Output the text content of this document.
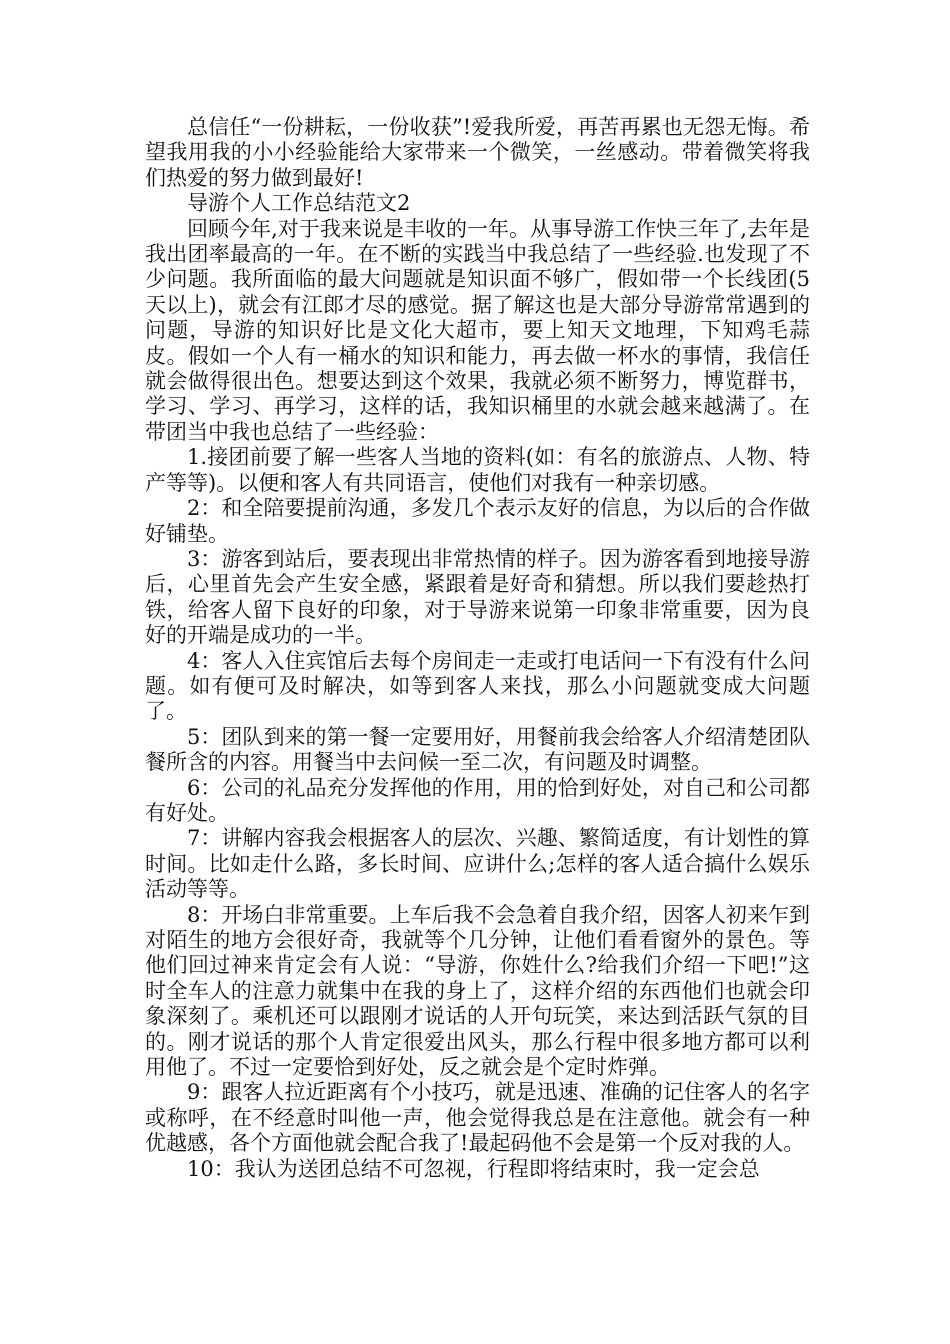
总信任“一份耕耘，一份收获”!爱我所爱，再苦再累也无怨无悔。希望我用我的小小经验能给大家带来一个微笑，一丝感动。带着微笑将我们热爱的努力做到最好!

导游个人工作总结范文2

回顾今年,对于我来说是丰收的一年。从事导游工作快三年了,去年是我出团率最高的一年。在不断的实践当中我总结了一些经验.也发现了不少问题。我所面临的最大问题就是知识面不够广，假如带一个长线团(5天以上)，就会有江郎才尽的感觉。据了解这也是大部分导游常常遇到的问题，导游的知识好比是文化大超市，要上知天文地理，下知鸡毛蒜皮。假如一个人有一桶水的知识和能力，再去做一杯水的事情，我信任就会做得很出色。想要达到这个效果，我就必须不断努力，博览群书，学习、学习、再学习，这样的话，我知识桶里的水就会越来越满了。在带团当中我也总结了一些经验：

1.接团前要了解一些客人当地的资料(如：有名的旅游点、人物、特产等等)。以便和客人有共同语言，使他们对我有一种亲切感。

2：和全陪要提前沟通，多发几个表示友好的信息，为以后的合作做好铺垫。

3：游客到站后，要表现出非常热情的样子。因为游客看到地接导游后，心里首先会产生安全感，紧跟着是好奇和猜想。所以我们要趁热打铁，给客人留下良好的印象，对于导游来说第一印象非常重要，因为良好的开端是成功的一半。

4：客人入住宾馆后去每个房间走一走或打电话问一下有没有什么问题。如有便可及时解决，如等到客人来找，那么小问题就变成大问题了。

5：团队到来的第一餐一定要用好，用餐前我会给客人介绍清楚团队餐所含的内容。用餐当中去问候一至二次，有问题及时调整。

6：公司的礼品充分发挥他的作用，用的恰到好处，对自己和公司都有好处。

7：讲解内容我会根据客人的层次、兴趣、繁简适度，有计划性的算时间。比如走什么路，多长时间、应讲什么;怎样的客人适合搞什么娱乐活动等等。

8：开场白非常重要。上车后我不会急着自我介绍，因客人初来乍到对陌生的地方会很好奇，我就等个几分钟，让他们看看窗外的景色。等他们回过神来肯定会有人说：“导游，你姓什么?给我们介绍一下吧!”这时全车人的注意力就集中在我的身上了，这样介绍的东西他们也就会印象深刻了。乘机还可以跟刚才说话的人开句玩笑，来达到活跃气氛的目的。刚才说话的那个人肯定很爱出风头，那么行程中很多地方都可以利用他了。不过一定要恰到好处，反之就会是个定时炸弹。

9：跟客人拉近距离有个小技巧，就是迅速、准确的记住客人的名字或称呼，在不经意时叫他一声，他会觉得我总是在注意他。就会有一种优越感，各个方面他就会配合我了!最起码他不会是第一个反对我的人。

10：我认为送团总结不可忽视，行程即将结束时，我一定会总
